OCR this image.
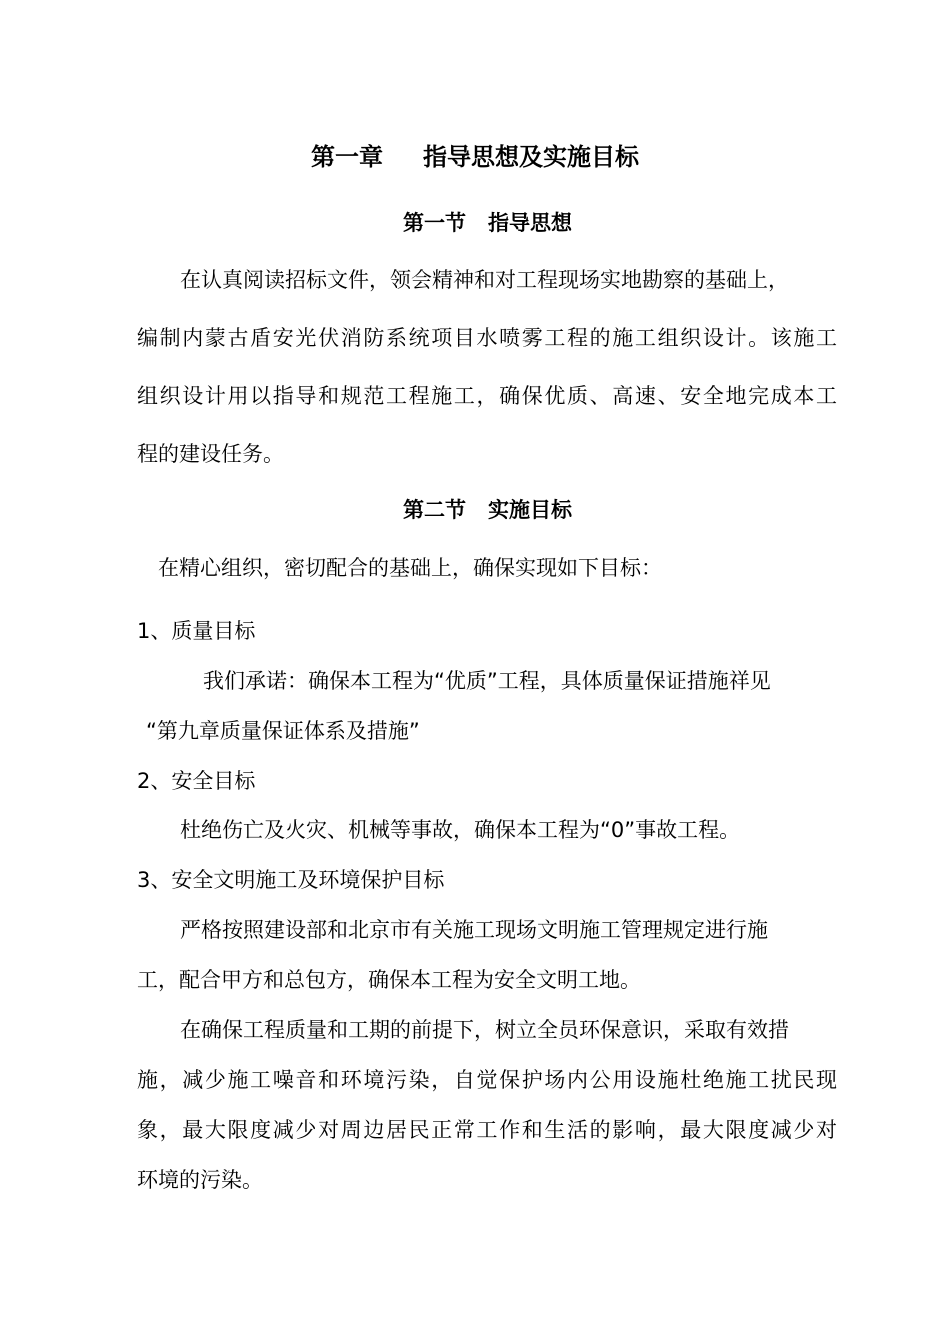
第一章 指导思想及实施目标
第一节 指导思想
在认真阅读招标文件，领会精神和对工程现场实地勘察的基础上，
编制内蒙古盾安光伏消防系统项目水喷雾工程的施工组织设计。该施工
组织设计用以指导和规范工程施工，确保优质、高速、安全地完成本工
程的建设任务。
第二节 实施目标
在精心组织，密切配合的基础上，确保实现如下目标：
1、质量目标
我们承诺：确保本工程为“优质”工程，具体质量保证措施祥见
“第九章质量保证体系及措施”
2、安全目标
杜绝伤亡及火灾、机械等事故，确保本工程为“0”事故工程。
3、安全文明施工及环境保护目标
严格按照建设部和北京市有关施工现场文明施工管理规定进行施
工，配合甲方和总包方，确保本工程为安全文明工地。
在确保工程质量和工期的前提下，树立全员环保意识，采取有效措
施，减少施工噪音和环境污染，自觉保护场内公用设施杜绝施工扰民现
象，最大限度减少对周边居民正常工作和生活的影响，最大限度减少对
环境的污染。
